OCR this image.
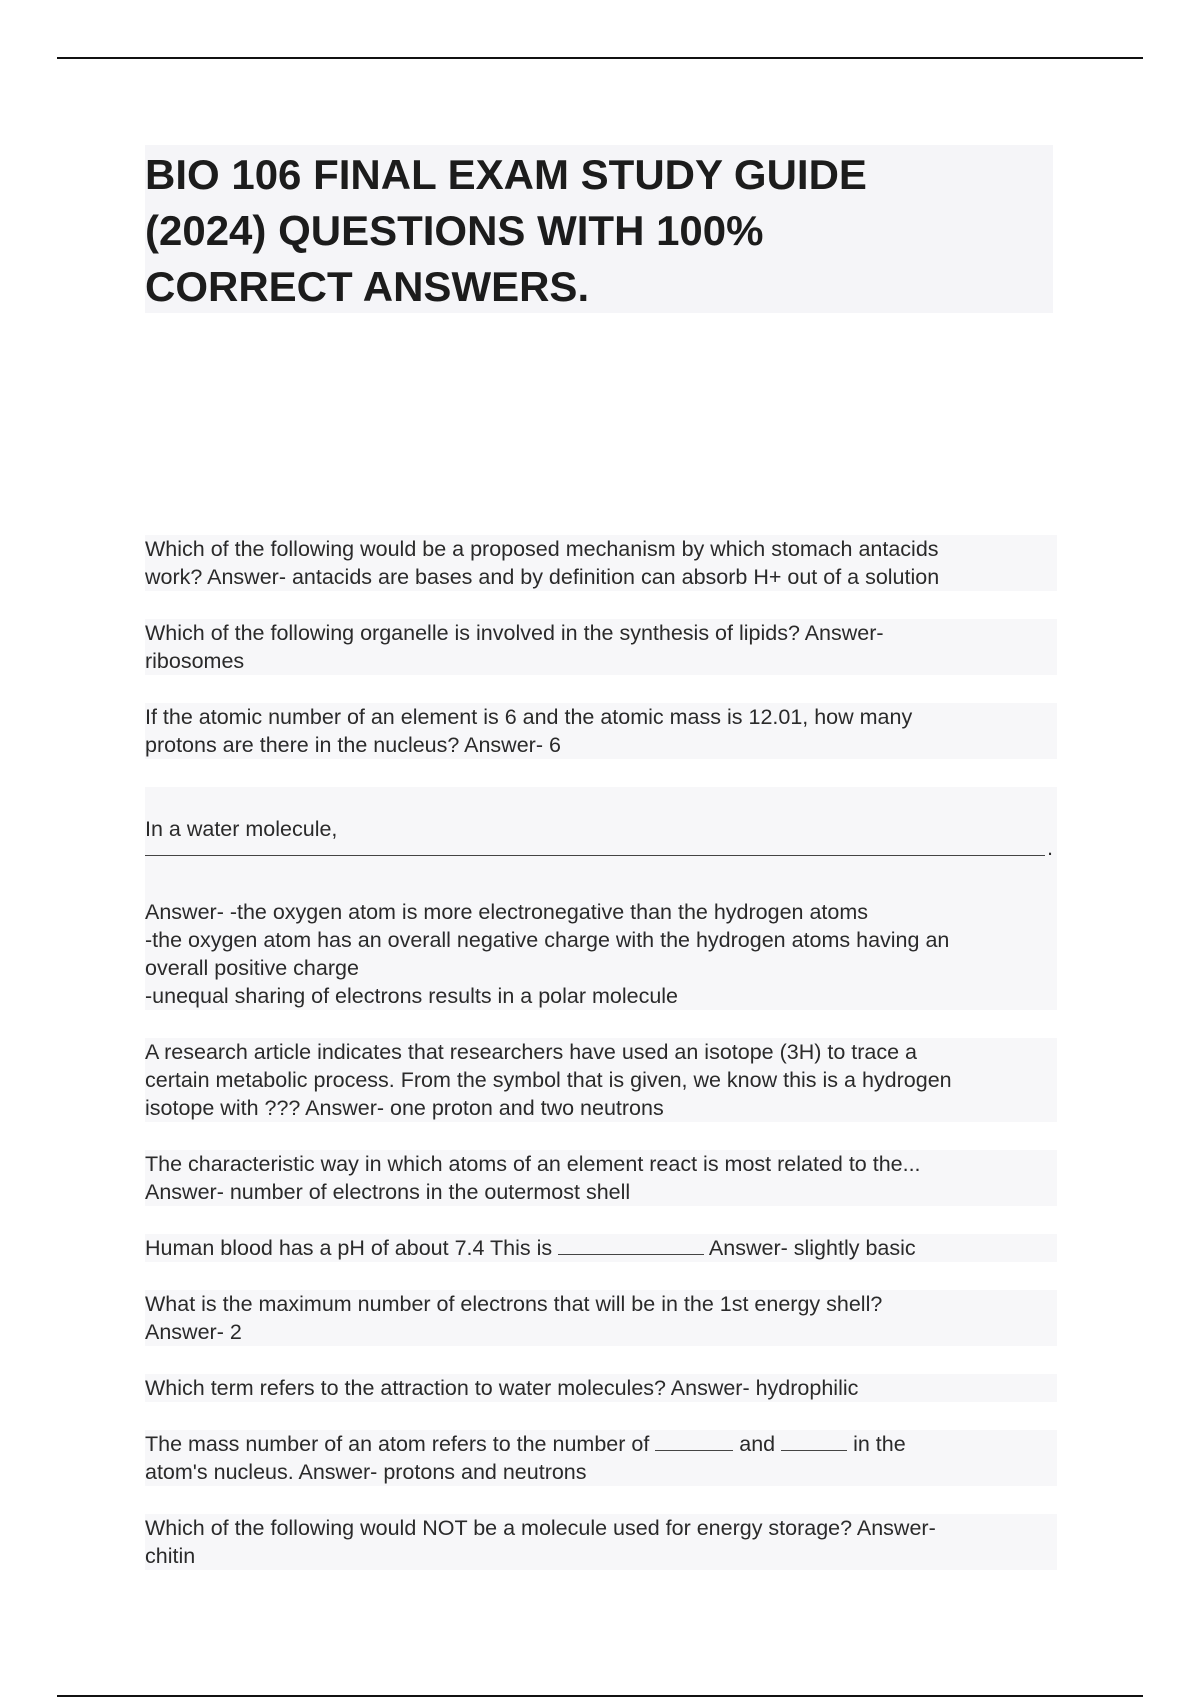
BIO 106 FINAL EXAM STUDY GUIDE
(2024) QUESTIONS WITH 100%
CORRECT ANSWERS.

Which of the following would be a proposed mechanism by which stomach antacids
work? Answer- antacids are bases and by definition can absorb H+ out of a solution

Which of the following organelle is involved in the synthesis of lipids? Answer-
ribosomes

If the atomic number of an element is 6 and the atomic mass is 12.01, how many
protons are there in the nucleus? Answer- 6

In a water molecule,

.

Answer- -the oxygen atom is more electronegative than the hydrogen atoms
-the oxygen atom has an overall negative charge with the hydrogen atoms having an
overall positive charge
-unequal sharing of electrons results in a polar molecule

A research article indicates that researchers have used an isotope (3H) to trace a
certain metabolic process. From the symbol that is given, we know this is a hydrogen
isotope with ??? Answer- one proton and two neutrons

The characteristic way in which atoms of an element react is most related to the...
Answer- number of electrons in the outermost shell

Human blood has a pH of about 7.4 This is	Answer- slightly basic

What is the maximum number of electrons that will be in the 1st energy shell?
Answer- 2

Which term refers to the attraction to water molecules? Answer- hydrophilic

The mass number of an atom refers to the number of	and	in the
atom's nucleus. Answer- protons and neutrons

Which of the following would NOT be a molecule used for energy storage? Answer-
chitin
